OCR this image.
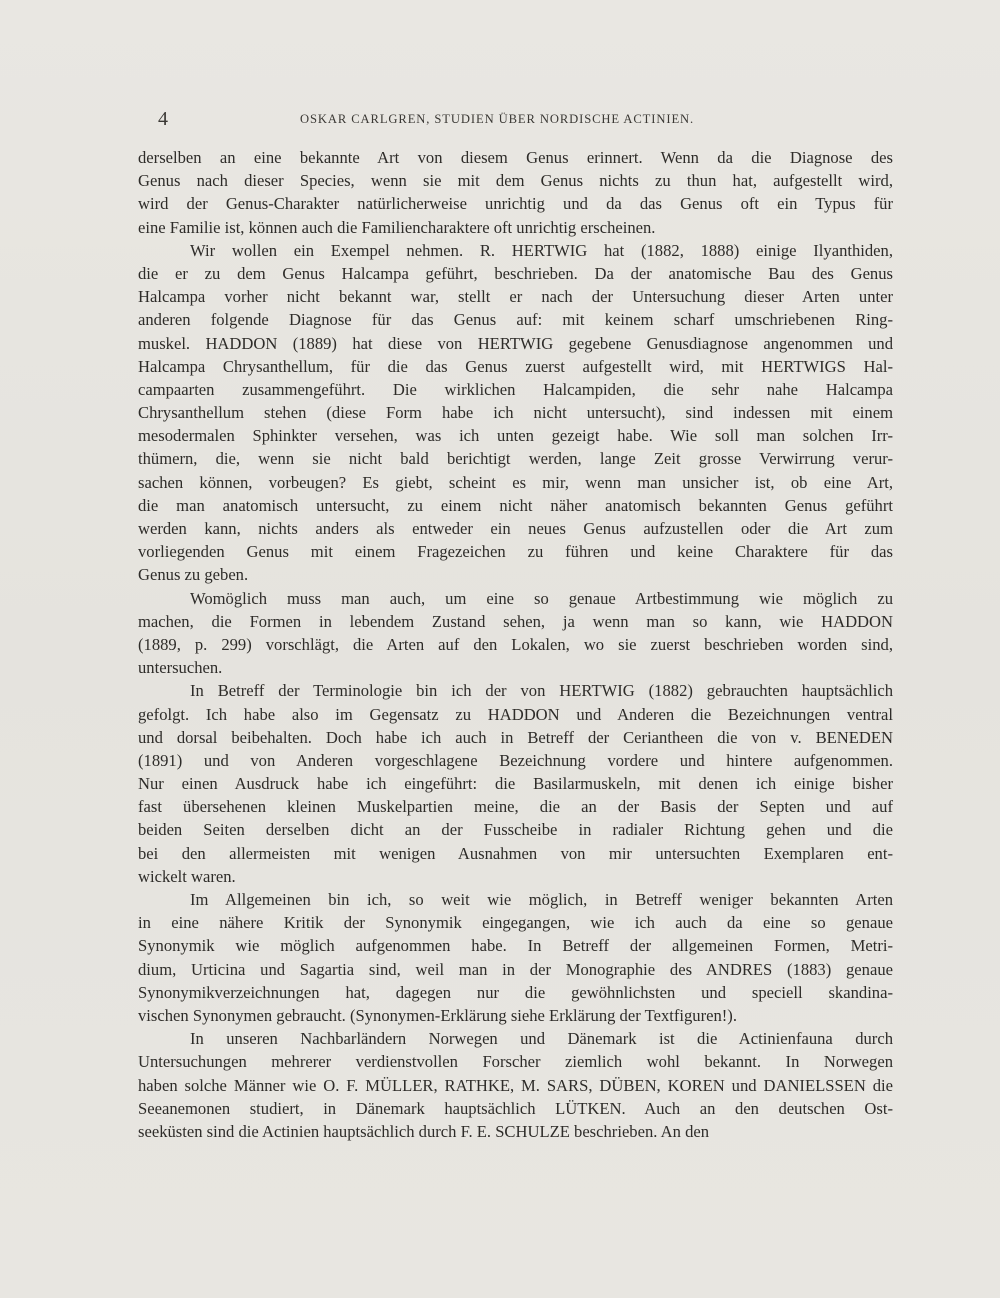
4	OSKAR CARLGREN, STUDIEN ÜBER NORDISCHE ACTINIEN.
derselben an eine bekannte Art von diesem Genus erinnert. Wenn da die Diagnose des
Genus nach dieser Species, wenn sie mit dem Genus nichts zu thun hat, aufgestellt wird,
wird der Genus-Charakter natürlicherweise unrichtig und da das Genus oft ein Typus für
eine Familie ist, können auch die Familiencharaktere oft unrichtig erscheinen.
Wir wollen ein Exempel nehmen. R. HERTWIG hat (1882, 1888) einige Ilyanthiden,
die er zu dem Genus Halcampa geführt, beschrieben. Da der anatomische Bau des Genus
Halcampa vorher nicht bekannt war, stellt er nach der Untersuchung dieser Arten unter
anderen folgende Diagnose für das Genus auf: mit keinem scharf umschriebenen Ring-
muskel. HADDON (1889) hat diese von HERTWIG gegebene Genusdiagnose angenommen und
Halcampa Chrysanthellum, für die das Genus zuerst aufgestellt wird, mit HERTWIGS Hal-
campaarten zusammengeführt. Die wirklichen Halcampiden, die sehr nahe Halcampa
Chrysanthellum stehen (diese Form habe ich nicht untersucht), sind indessen mit einem
mesodermalen Sphinkter versehen, was ich unten gezeigt habe. Wie soll man solchen Irr-
thümern, die, wenn sie nicht bald berichtigt werden, lange Zeit grosse Verwirrung verur-
sachen können, vorbeugen? Es giebt, scheint es mir, wenn man unsicher ist, ob eine Art,
die man anatomisch untersucht, zu einem nicht näher anatomisch bekannten Genus geführt
werden kann, nichts anders als entweder ein neues Genus aufzustellen oder die Art zum
vorliegenden Genus mit einem Fragezeichen zu führen und keine Charaktere für das
Genus zu geben.
Womöglich muss man auch, um eine so genaue Artbestimmung wie möglich zu
machen, die Formen in lebendem Zustand sehen, ja wenn man so kann, wie HADDON
(1889, p. 299) vorschlägt, die Arten auf den Lokalen, wo sie zuerst beschrieben worden sind,
untersuchen.
In Betreff der Terminologie bin ich der von HERTWIG (1882) gebrauchten hauptsächlich
gefolgt. Ich habe also im Gegensatz zu HADDON und Anderen die Bezeichnungen ventral
und dorsal beibehalten. Doch habe ich auch in Betreff der Ceriantheen die von v. BENEDEN
(1891) und von Anderen vorgeschlagene Bezeichnung vordere und hintere aufgenommen.
Nur einen Ausdruck habe ich eingeführt: die Basilarmuskeln, mit denen ich einige bisher
fast übersehenen kleinen Muskelpartien meine, die an der Basis der Septen und auf
beiden Seiten derselben dicht an der Fusscheibe in radialer Richtung gehen und die
bei den allermeisten mit wenigen Ausnahmen von mir untersuchten Exemplaren ent-
wickelt waren.
Im Allgemeinen bin ich, so weit wie möglich, in Betreff weniger bekannten Arten
in eine nähere Kritik der Synonymik eingegangen, wie ich auch da eine so genaue
Synonymik wie möglich aufgenommen habe. In Betreff der allgemeinen Formen, Metri-
dium, Urticina und Sagartia sind, weil man in der Monographie des ANDRES (1883) genaue
Synonymikverzeichnungen hat, dagegen nur die gewöhnlichsten und speciell skandina-
vischen Synonymen gebraucht. (Synonymen-Erklärung siehe Erklärung der Textfiguren!).
In unseren Nachbarländern Norwegen und Dänemark ist die Actinienfauna durch
Untersuchungen mehrerer verdienstvollen Forscher ziemlich wohl bekannt. In Norwegen
haben solche Männer wie O. F. MÜLLER, RATHKE, M. SARS, DÜBEN, KOREN und DANIELSSEN die
Seeanemonen studiert, in Dänemark hauptsächlich LÜTKEN. Auch an den deutschen Ost-
seeküsten sind die Actinien hauptsächlich durch F. E. SCHULZE beschrieben. An den
